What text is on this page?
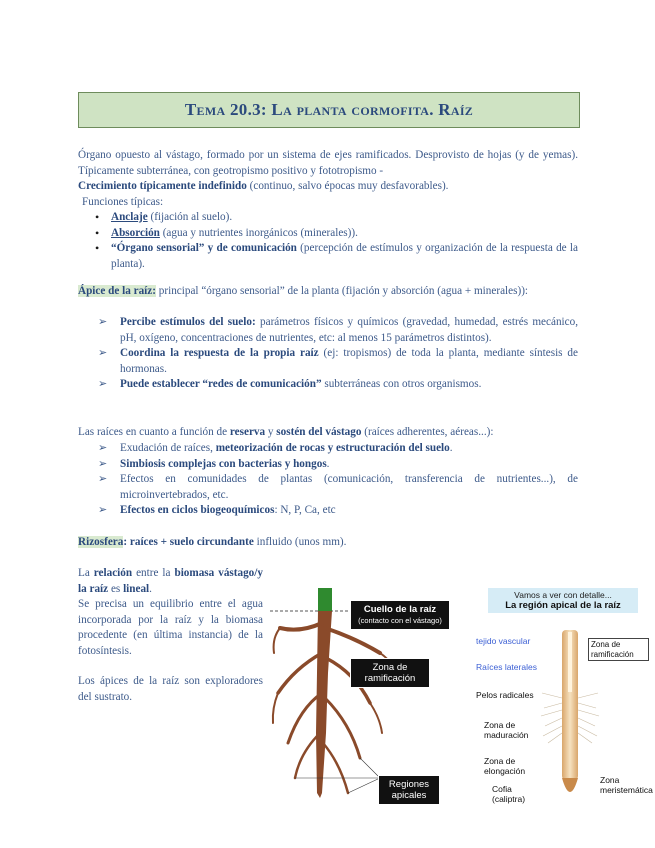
Tema 20.3: La planta cormofita. Raíz
Órgano opuesto al vástago, formado por un sistema de ejes ramificados. Desprovisto de hojas (y de yemas). Típicamente subterránea, con geotropismo positivo y fototropismo -
Crecimiento típicamente indefinido (continuo, salvo épocas muy desfavorables).
Funciones típicas:
• Anclaje (fijación al suelo).
• Absorción (agua y nutrientes inorgánicos (minerales)).
• “Órgano sensorial” y de comunicación (percepción de estímulos y organización de la respuesta de la planta).
Ápice de la raíz: principal “órgano sensorial” de la planta (fijación y absorción (agua + minerales)):
➢ Percibe estímulos del suelo: parámetros físicos y químicos (gravedad, humedad, estrés mecánico, pH, oxígeno, concentraciones de nutrientes, etc: al menos 15 parámetros distintos).
➢ Coordina la respuesta de la propia raíz (ej: tropismos) de toda la planta, mediante síntesis de hormonas.
➢ Puede establecer “redes de comunicación” subterráneas con otros organismos.
Las raíces en cuanto a función de reserva y sostén del vástago (raíces adherentes, aéreas...):
➢ Exudación de raíces, meteorización de rocas y estructuración del suelo.
➢ Simbiosis complejas con bacterias y hongos.
➢ Efectos en comunidades de plantas (comunicación, transferencia de nutrientes...), de microinvertebrados, etc.
➢ Efectos en ciclos biogeoquímicos: N, P, Ca, etc
Rizosfera: raíces + suelo circundante influido (unos mm).
La relación entre la biomasa vástago/y la raíz es lineal.
Se precisa un equilibrio entre el agua incorporada por la raíz y la biomasa procedente (en última instancia) de la fotosíntesis.
Los ápices de la raíz son exploradores del sustrato.
Cuello de la raíz
(contacto con el vástago)
Zona de ramificación
Regiones apicales
Vamos a ver con detalle...
La región apical de la raíz
tejido vascular
Raíces laterales
Pelos radicales
Zona de maduración
Zona de elongación
Cofia (caliptra)
Zona de ramificación
Zona meristemática
